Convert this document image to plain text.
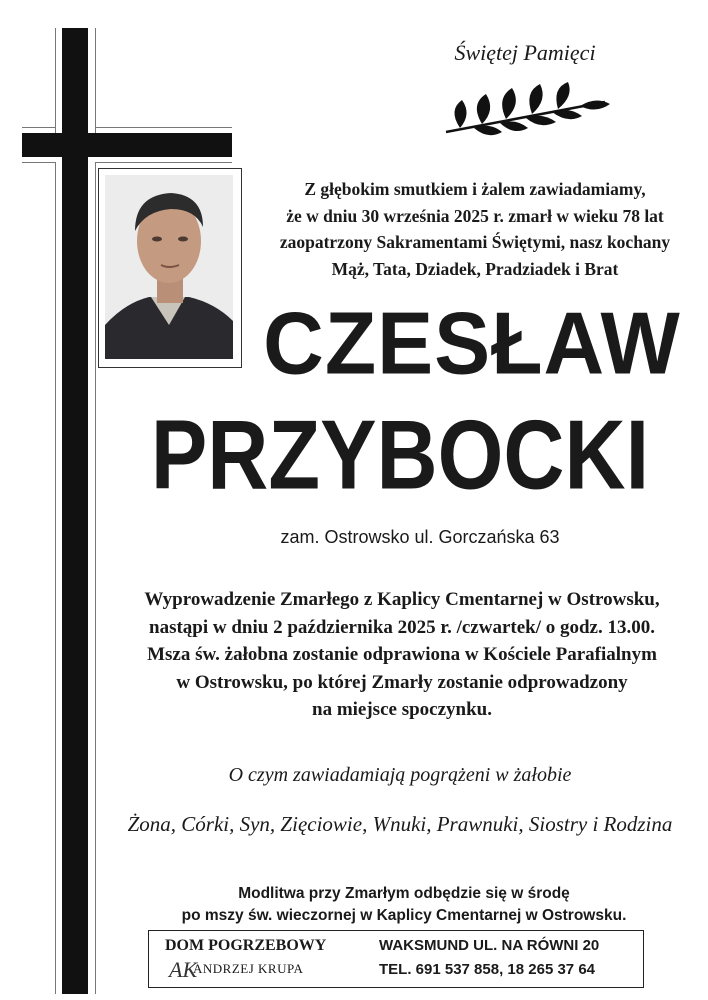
Świętej Pamięci
Z głębokim smutkiem i żalem zawiadamiamy,
że w dniu 30 września 2025 r. zmarł w wieku 78 lat
zaopatrzony Sakramentami Świętymi, nasz kochany
Mąż, Tata, Dziadek, Pradziadek i Brat
CZESŁAW
PRZYBOCKI
zam. Ostrowsko ul. Gorczańska 63
Wyprowadzenie Zmarłego z Kaplicy Cmentarnej w Ostrowsku,
nastąpi w dniu 2 października 2025 r. /czwartek/ o godz. 13.00.
Msza św. żałobna zostanie odprawiona w Kościele Parafialnym
w Ostrowsku, po której Zmarły zostanie odprowadzony
na miejsce spoczynku.
O czym zawiadamiają pogrążeni w żałobie
Żona, Córki, Syn, Zięciowie, Wnuki, Prawnuki, Siostry i Rodzina
Modlitwa przy Zmarłym odbędzie się w środę
po mszy św. wieczornej w Kaplicy Cmentarnej w Ostrowsku.
DOM POGRZEBOWY
AK
ANDRZEJ KRUPA
WAKSMUND UL. NA RÓWNI 20
TEL. 691 537 858, 18 265 37 64
